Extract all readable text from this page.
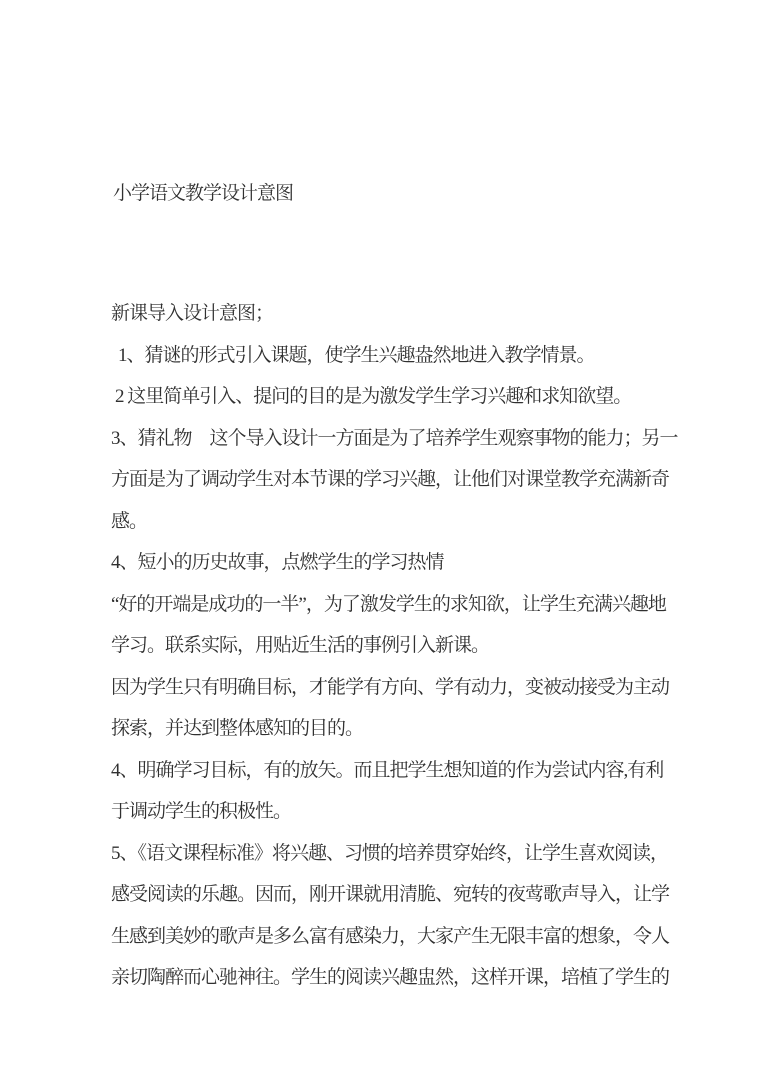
小学语文教学设计意图
新课导入设计意图；
1、猜谜的形式引入课题，使学生兴趣盎然地进入教学情景。
2 这里简单引入、提问的目的是为激发学生学习兴趣和求知欲望。
3、猜礼物　这个导入设计一方面是为了培养学生观察事物的能力；另一
方面是为了调动学生对本节课的学习兴趣，让他们对课堂教学充满新奇
感。
4、短小的历史故事，点燃学生的学习热情
“好的开端是成功的一半”，为了激发学生的求知欲，让学生充满兴趣地
学习。联系实际，用贴近生活的事例引入新课。
因为学生只有明确目标，才能学有方向、学有动力，变被动接受为主动
探索，并达到整体感知的目的。
4、明确学习目标，有的放矢。而且把学生想知道的作为尝试内容,有利
于调动学生的积极性。
5、《语文课程标准》将兴趣、习惯的培养贯穿始终，让学生喜欢阅读，
感受阅读的乐趣。因而，刚开课就用清脆、宛转的夜莺歌声导入，让学
生感到美妙的歌声是多么富有感染力，大家产生无限丰富的想象，令人
亲切陶醉而心驰神往。学生的阅读兴趣盅然，这样开课，培植了学生的
